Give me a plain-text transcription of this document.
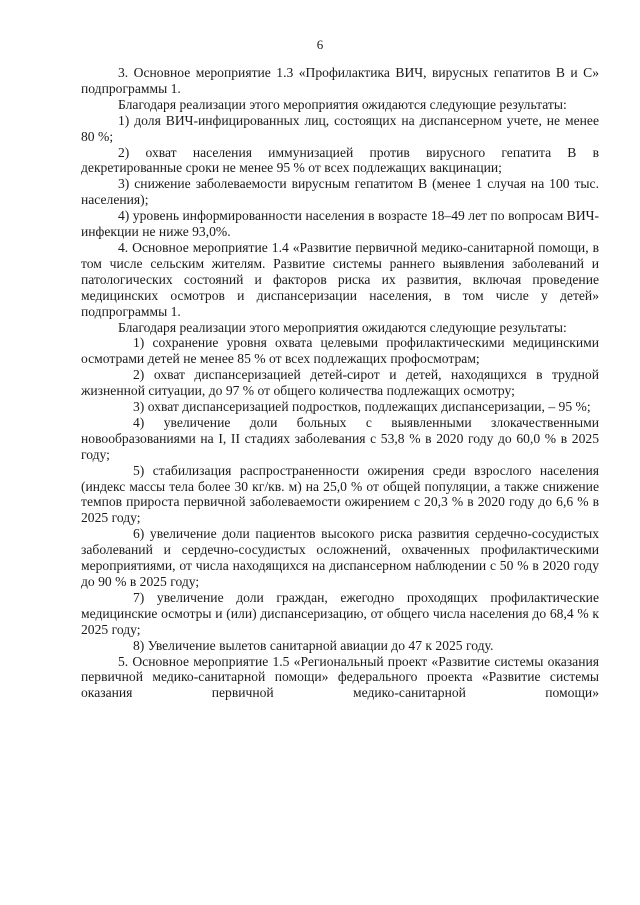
6

3. Основное мероприятие 1.3 «Профилактика ВИЧ, вирусных гепатитов В и С» подпрограммы 1.

Благодаря реализации этого мероприятия ожидаются следующие результаты:

1) доля ВИЧ-инфицированных лиц, состоящих на диспансерном учете, не менее 80 %;

2) охват населения иммунизацией против вирусного гепатита В в декретированные сроки не менее 95 % от всех подлежащих вакцинации;

3) снижение заболеваемости вирусным гепатитом В (менее 1 случая на 100 тыс. населения);

4) уровень информированности населения в возрасте 18–49 лет по вопросам ВИЧ-инфекции не ниже 93,0%.

4. Основное мероприятие 1.4 «Развитие первичной медико-санитарной помощи, в том числе сельским жителям. Развитие системы раннего выявления заболеваний и патологических состояний и факторов риска их развития, включая проведение медицинских осмотров и диспансеризации населения, в том числе у детей» подпрограммы 1.

Благодаря реализации этого мероприятия ожидаются следующие результаты:

1) сохранение уровня охвата целевыми профилактическими медицинскими осмотрами детей не менее 85 % от всех подлежащих профосмотрам;

2) охват диспансеризацией детей-сирот и детей, находящихся в трудной жизненной ситуации, до 97 % от общего количества подлежащих осмотру;

3) охват диспансеризацией подростков, подлежащих диспансеризации, – 95 %;

4) увеличение доли больных с выявленными злокачественными новообразованиями на I, II стадиях заболевания с 53,8 % в 2020 году до 60,0 % в 2025 году;

5) стабилизация распространенности ожирения среди взрослого населения (индекс массы тела более 30 кг/кв. м) на 25,0 % от общей популяции, а также снижение темпов прироста первичной заболеваемости ожирением с 20,3 % в 2020 году до 6,6 % в 2025 году;

6) увеличение доли пациентов высокого риска развития сердечно-сосудистых заболеваний и сердечно-сосудистых осложнений, охваченных профилактическими мероприятиями, от числа находящихся на диспансерном наблюдении с 50 % в 2020 году до 90 % в 2025 году;

7) увеличение доли граждан, ежегодно проходящих профилактические медицинские осмотры и (или) диспансеризацию, от общего числа населения до 68,4 % к 2025 году;

8) Увеличение вылетов санитарной авиации до 47 к 2025 году.

5. Основное мероприятие 1.5 «Региональный проект «Развитие системы оказания первичной медико-санитарной помощи» федерального проекта «Развитие системы оказания первичной медико-санитарной помощи»
